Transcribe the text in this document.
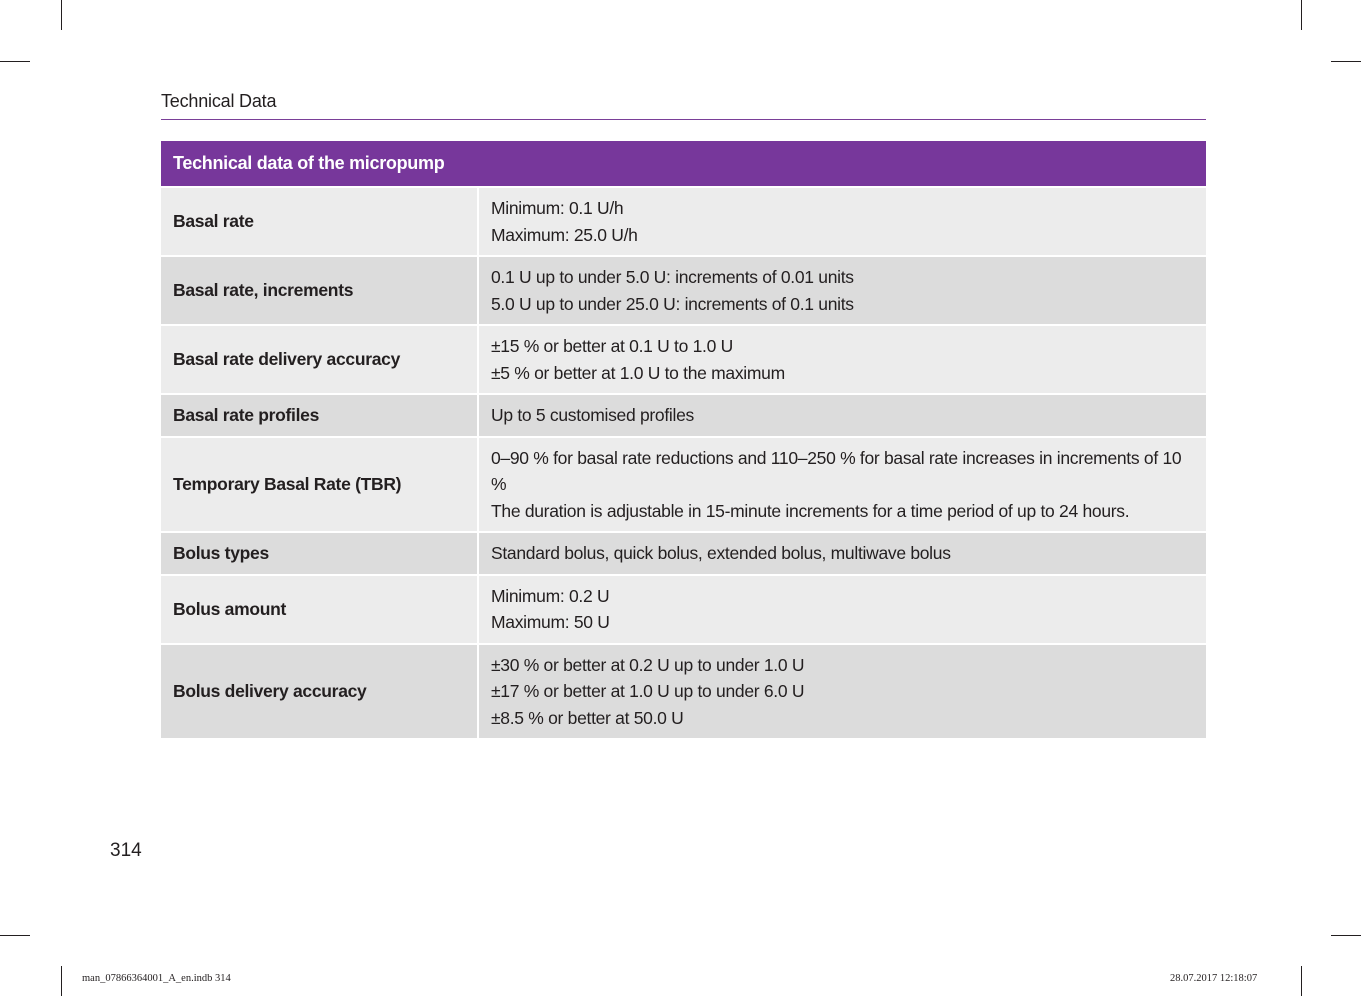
Technical Data
Technical data of the micropump	
Basal rate	Minimum: 0.1 U/h
Maximum: 25.0 U/h

Basal rate, increments	0.1 U up to under 5.0 U: increments of 0.01 units
5.0 U up to under 25.0 U: increments of 0.1 units

Basal rate delivery accuracy	±15 % or better at 0.1 U to 1.0 U
±5 % or better at 1.0 U to the maximum

Basal rate profiles	Up to 5 customised profiles

Temporary Basal Rate (TBR)	0–90 % for basal rate reductions and 110–250 % for basal rate increases in increments of 10 %
The duration is adjustable in 15-minute increments for a time period of up to 24 hours.

Bolus types	Standard bolus, quick bolus, extended bolus, multiwave bolus

Bolus amount	Minimum: 0.2 U
Maximum: 50 U

Bolus delivery accuracy	±30 % or better at 0.2 U up to under 1.0 U
±17 % or better at 1.0 U up to under 6.0 U
±8.5 % or better at 50.0 U
314
man_07866364001_A_en.indb 314	28.07.2017 12:18:07
